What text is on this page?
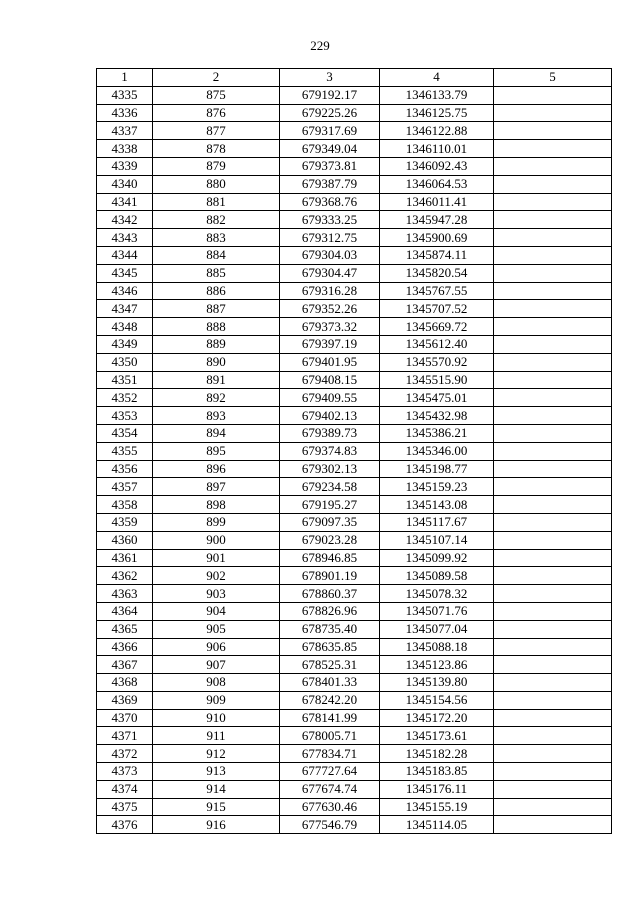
229
1	2	3	4	5
4335	875	679192.17	1346133.79	
4336	876	679225.26	1346125.75	
4337	877	679317.69	1346122.88	
4338	878	679349.04	1346110.01	
4339	879	679373.81	1346092.43	
4340	880	679387.79	1346064.53	
4341	881	679368.76	1346011.41	
4342	882	679333.25	1345947.28	
4343	883	679312.75	1345900.69	
4344	884	679304.03	1345874.11	
4345	885	679304.47	1345820.54	
4346	886	679316.28	1345767.55	
4347	887	679352.26	1345707.52	
4348	888	679373.32	1345669.72	
4349	889	679397.19	1345612.40	
4350	890	679401.95	1345570.92	
4351	891	679408.15	1345515.90	
4352	892	679409.55	1345475.01	
4353	893	679402.13	1345432.98	
4354	894	679389.73	1345386.21	
4355	895	679374.83	1345346.00	
4356	896	679302.13	1345198.77	
4357	897	679234.58	1345159.23	
4358	898	679195.27	1345143.08	
4359	899	679097.35	1345117.67	
4360	900	679023.28	1345107.14	
4361	901	678946.85	1345099.92	
4362	902	678901.19	1345089.58	
4363	903	678860.37	1345078.32	
4364	904	678826.96	1345071.76	
4365	905	678735.40	1345077.04	
4366	906	678635.85	1345088.18	
4367	907	678525.31	1345123.86	
4368	908	678401.33	1345139.80	
4369	909	678242.20	1345154.56	
4370	910	678141.99	1345172.20	
4371	911	678005.71	1345173.61	
4372	912	677834.71	1345182.28	
4373	913	677727.64	1345183.85	
4374	914	677674.74	1345176.11	
4375	915	677630.46	1345155.19	
4376	916	677546.79	1345114.05	
